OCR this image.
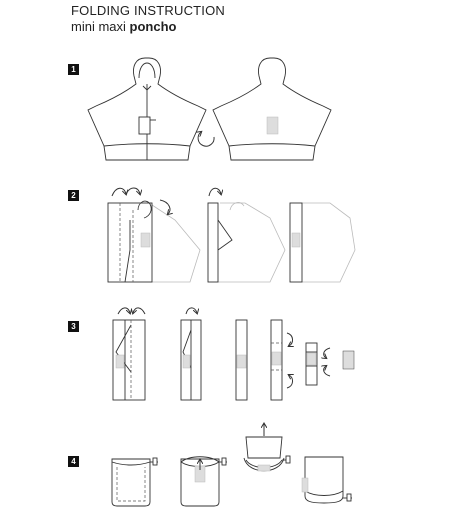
FOLDING INSTRUCTION
mini maxi poncho
1
2
3
4
